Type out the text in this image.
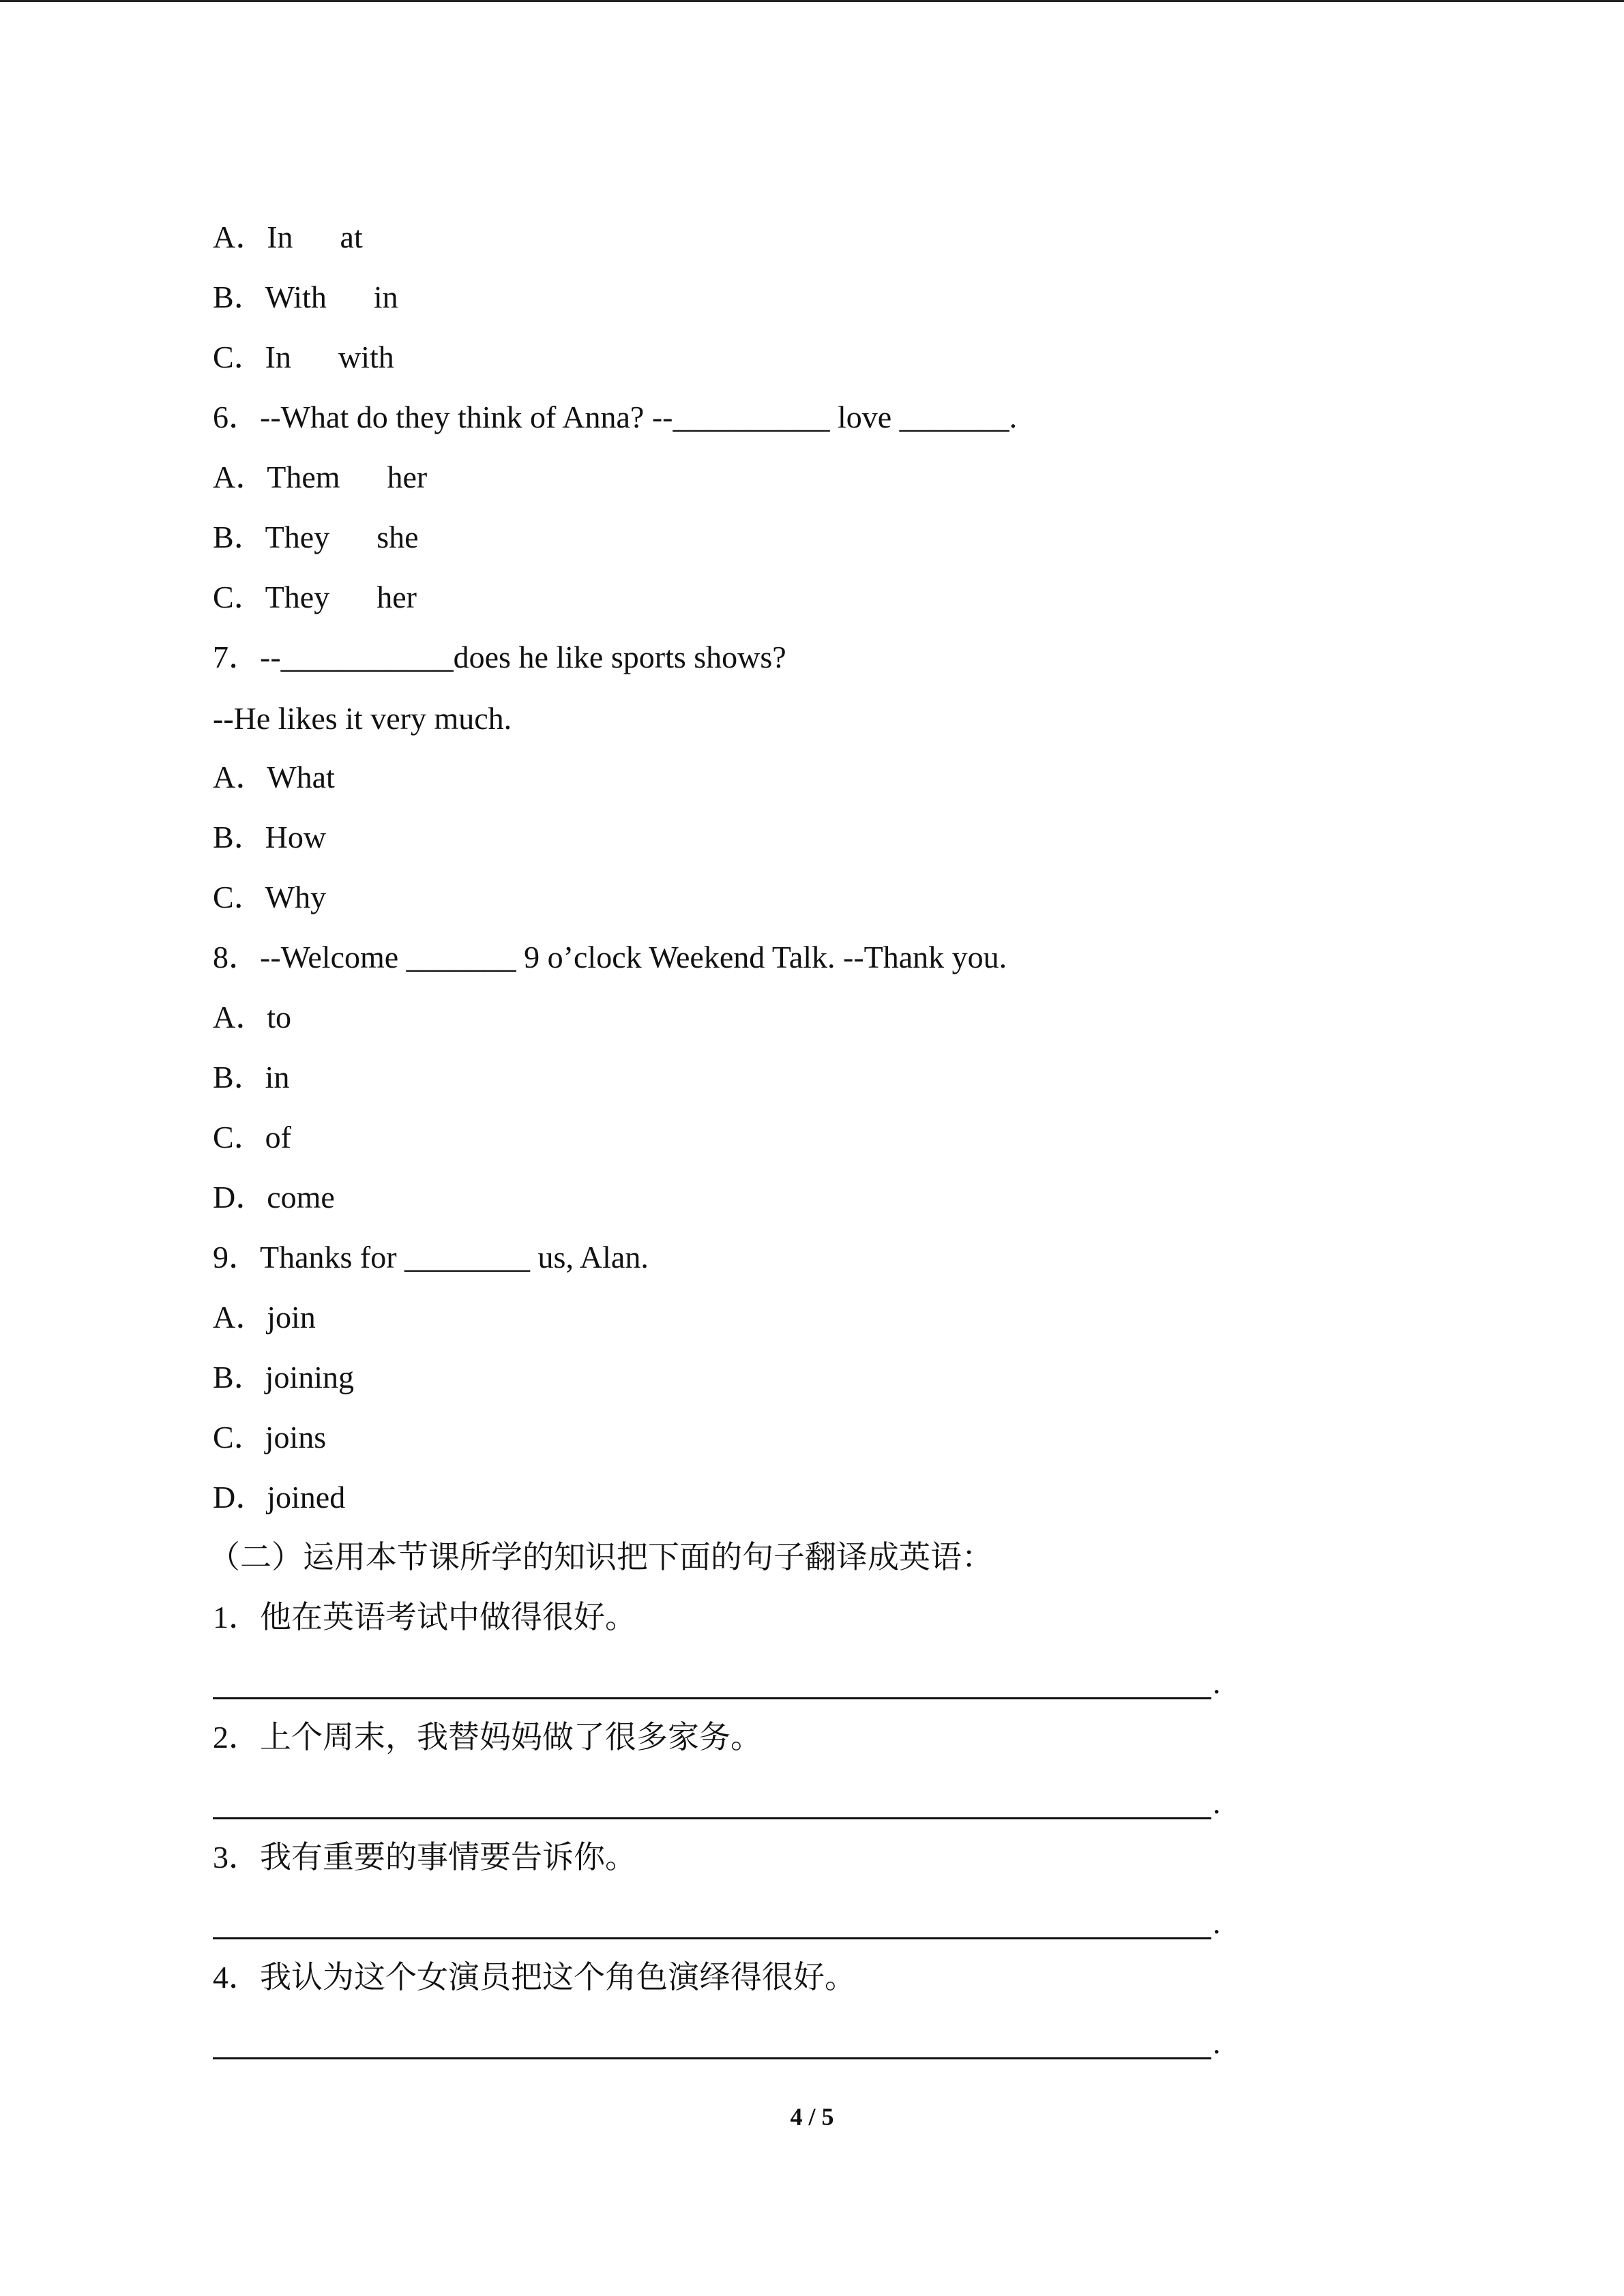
A．In      at
B．With      in
C．In      with
6．--What do they think of Anna? --__________ love _______.
A．Them      her
B．They      she
C．They      her
7．--___________does he like sports shows?
--He likes it very much.
A．What
B．How
C．Why
8．--Welcome _______ 9 o’clock Weekend Talk. --Thank you.
A．to
B．in
C．of
D．come
9．Thanks for ________ us, Alan.
A．join
B．joining
C．joins
D．joined
（二）运用本节课所学的知识把下面的句子翻译成英语：
1．他在英语考试中做得很好。
.
2．上个周末，我替妈妈做了很多家务。
.
3．我有重要的事情要告诉你。
.
4．我认为这个女演员把这个角色演绎得很好。
.
4 / 5
